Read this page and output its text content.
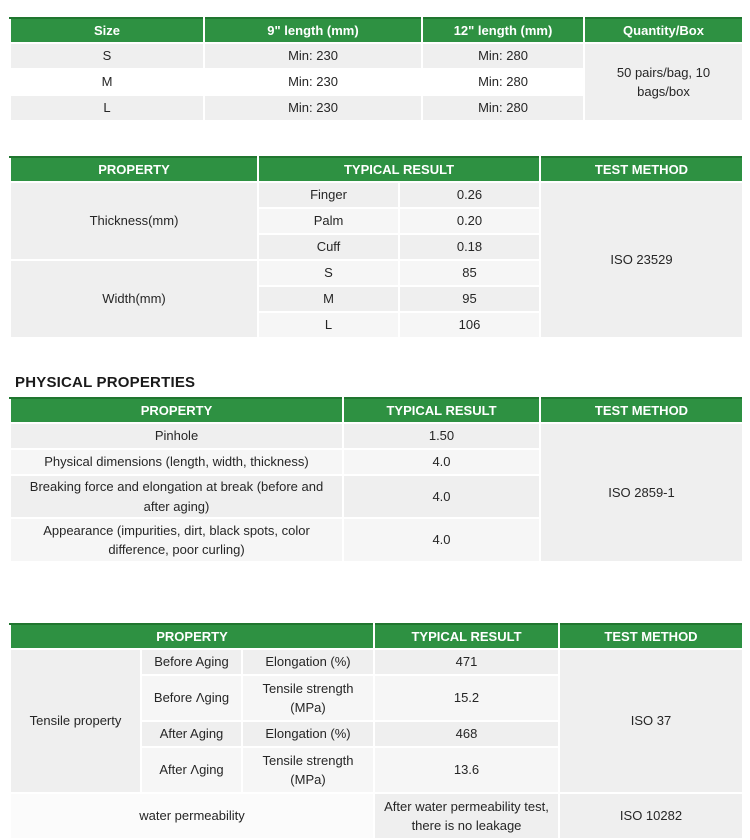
Size	9" length (mm)	12" length (mm)	Quantity/Box
S	Min: 230	Min: 280	50 pairs/bag, 10 bags/box
M	Min: 230	Min: 280	
L	Min: 230	Min: 280	
PROPERTY	TYPICAL RESULT		TEST METHOD
Thickness(mm)	Finger	0.26	ISO 23529
	Palm	0.20	
	Cuff	0.18	
Width(mm)	S	85	
	M	95	
	L	106	
PHYSICAL PROPERTIES
PROPERTY	TYPICAL RESULT	TEST METHOD
Pinhole	1.50	ISO 2859-1
Physical dimensions (length, width, thickness)	4.0	
Breaking force and elongation at break (before and after aging)	4.0	
Appearance (impurities, dirt, black spots, color difference, poor curling)	4.0	
PROPERTY			TYPICAL RESULT	TEST METHOD
Tensile property	Before Aging	Elongation (%)	471	ISO 37
	Before Λging	Tensile strength (MPa)	15.2	
	After Aging	Elongation (%)	468	
	After Λging	Tensile strength (MPa)	13.6	
water permeability			After water permeability test, there is no leakage	ISO 10282
